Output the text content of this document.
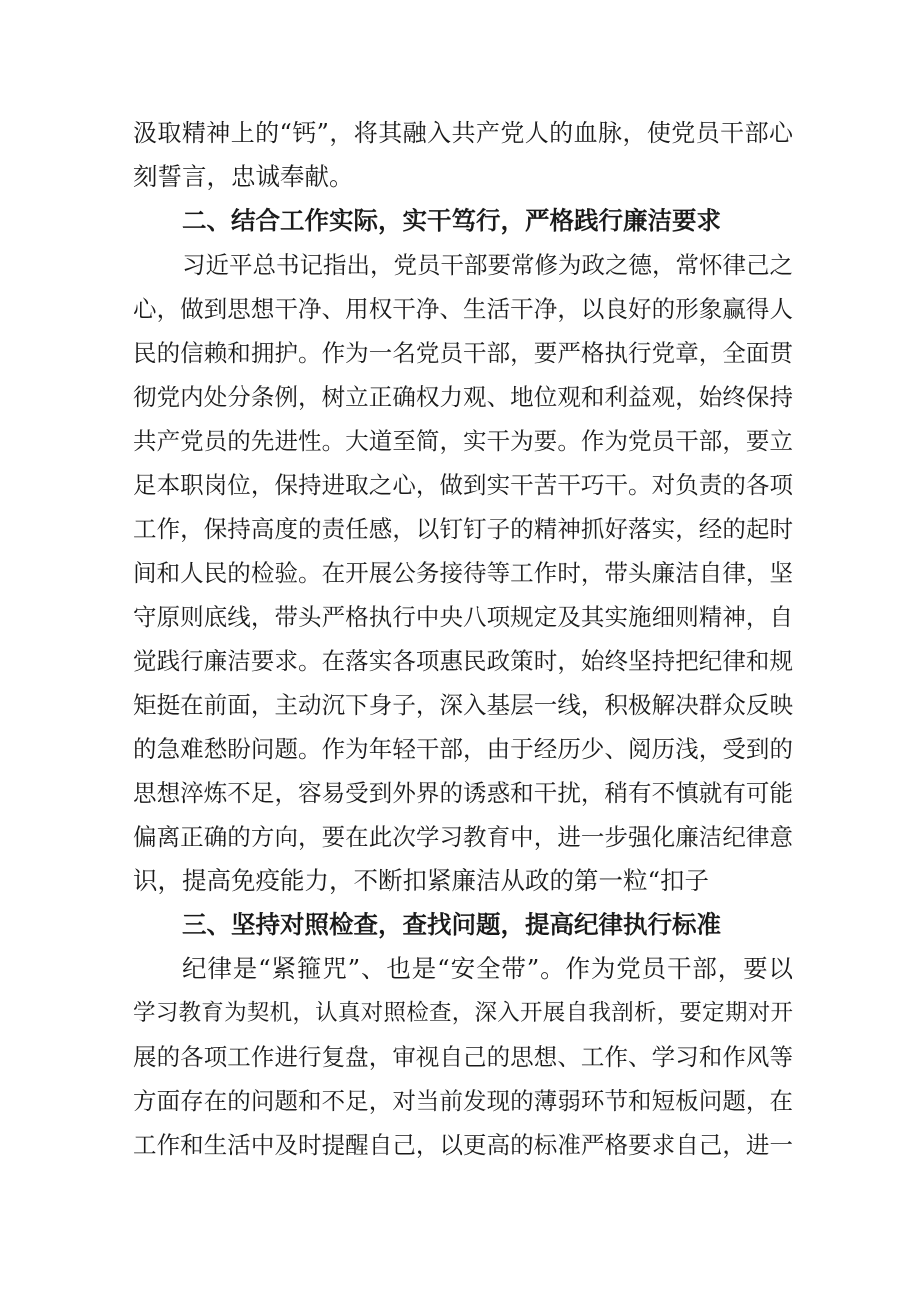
汲取精神上的“钙”，将其融入共产党人的血脉，使党员干部心
刻誓言，忠诚奉献。
二、结合工作实际，实干笃行，严格践行廉洁要求
习近平总书记指出，党员干部要常修为政之德，常怀律己之
心，做到思想干净、用权干净、生活干净，以良好的形象赢得人
民的信赖和拥护。作为一名党员干部，要严格执行党章，全面贯
彻党内处分条例，树立正确权力观、地位观和利益观，始终保持
共产党员的先进性。大道至简，实干为要。作为党员干部，要立
足本职岗位，保持进取之心，做到实干苦干巧干。对负责的各项
工作，保持高度的责任感，以钉钉子的精神抓好落实，经的起时
间和人民的检验。在开展公务接待等工作时，带头廉洁自律，坚
守原则底线，带头严格执行中央八项规定及其实施细则精神，自
觉践行廉洁要求。在落实各项惠民政策时，始终坚持把纪律和规
矩挺在前面，主动沉下身子，深入基层一线，积极解决群众反映
的急难愁盼问题。作为年轻干部，由于经历少、阅历浅，受到的
思想淬炼不足，容易受到外界的诱惑和干扰，稍有不慎就有可能
偏离正确的方向，要在此次学习教育中，进一步强化廉洁纪律意
识，提高免疫能力，不断扣紧廉洁从政的第一粒“扣子
三、坚持对照检查，查找问题，提高纪律执行标准
纪律是“紧箍咒”、也是“安全带”。作为党员干部，要以
学习教育为契机，认真对照检查，深入开展自我剖析，要定期对开
展的各项工作进行复盘，审视自己的思想、工作、学习和作风等
方面存在的问题和不足，对当前发现的薄弱环节和短板问题，在
工作和生活中及时提醒自己，以更高的标准严格要求自己，进一
